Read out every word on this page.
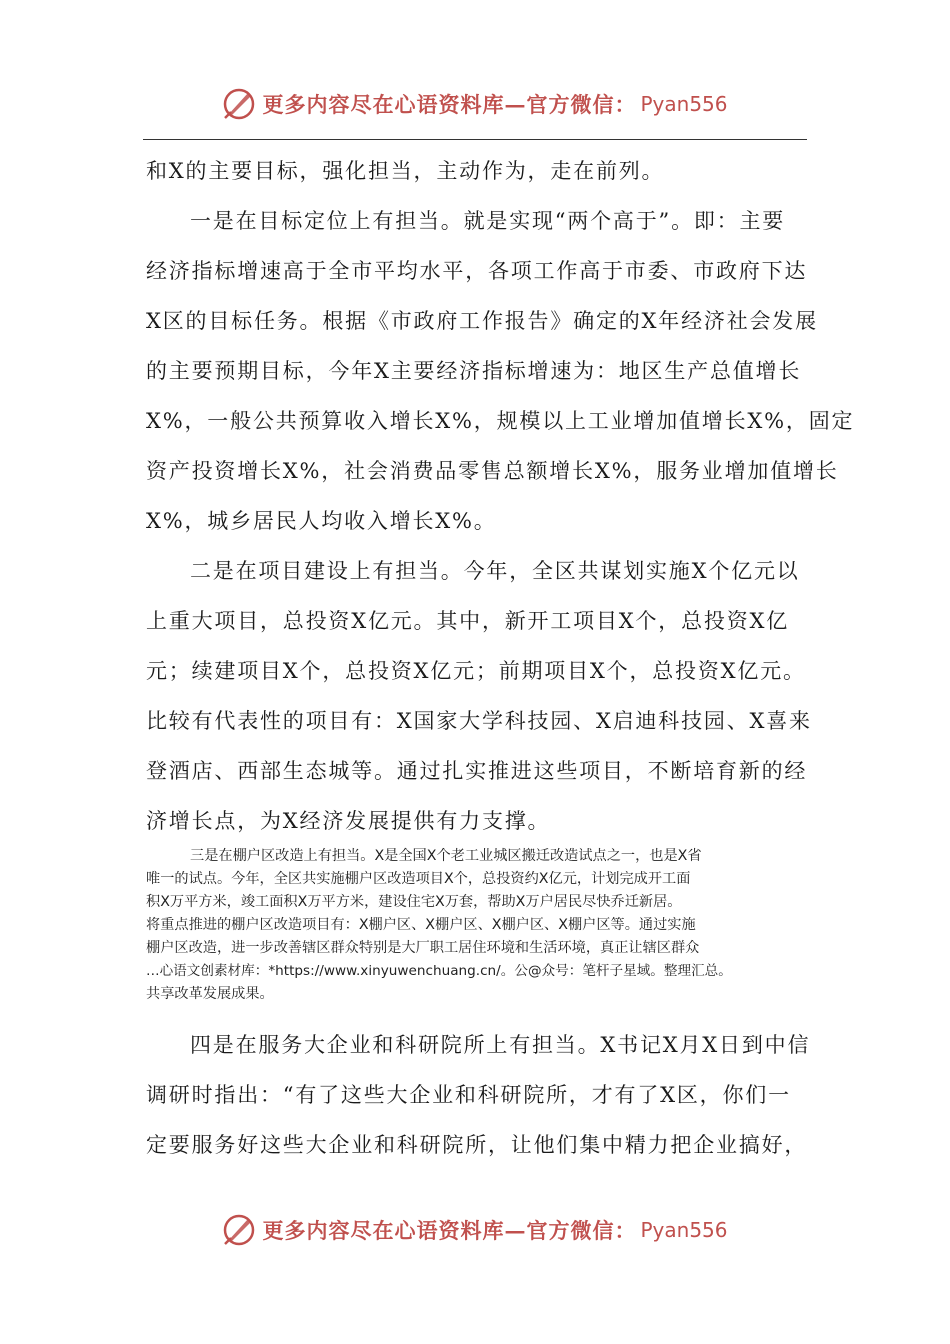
更多内容尽在心语资料库—官方微信： Pyan556
和X的主要目标，强化担当，主动作为，走在前列。
一是在目标定位上有担当。就是实现“两个高于”。即：主要
经济指标增速高于全市平均水平，各项工作高于市委、市政府下达
X区的目标任务。根据《市政府工作报告》确定的X年经济社会发展
的主要预期目标，今年X主要经济指标增速为：地区生产总值增长
X%，一般公共预算收入增长X%，规模以上工业增加值增长X%，固定
资产投资增长X%，社会消费品零售总额增长X%，服务业增加值增长
X%，城乡居民人均收入增长X%。
二是在项目建设上有担当。今年，全区共谋划实施X个亿元以
上重大项目，总投资X亿元。其中，新开工项目X个，总投资X亿
元；续建项目X个，总投资X亿元；前期项目X个，总投资X亿元。
比较有代表性的项目有：X国家大学科技园、X启迪科技园、X喜来
登酒店、西部生态城等。通过扎实推进这些项目，不断培育新的经
济增长点，为X经济发展提供有力支撑。
三是在棚户区改造上有担当。X是全国X个老工业城区搬迁改造试点之一，也是X省
唯一的试点。今年，全区共实施棚户区改造项目X个，总投资约X亿元，计划完成开工面
积X万平方米，竣工面积X万平方米，建设住宅X万套，帮助X万户居民尽快乔迁新居。
将重点推进的棚户区改造项目有：X棚户区、X棚户区、X棚户区、X棚户区等。通过实施
棚户区改造，进一步改善辖区群众特别是大厂职工居住环境和生活环境，真正让辖区群众
…心语文创素材库：*https://www.xinyuwenchuang.cn/。公@众号：笔杆子星域。整理汇总。
共享改革发展成果。
四是在服务大企业和科研院所上有担当。X书记X月X日到中信
调研时指出：“有了这些大企业和科研院所，才有了X区，你们一
定要服务好这些大企业和科研院所，让他们集中精力把企业搞好，
更多内容尽在心语资料库—官方微信： Pyan556
